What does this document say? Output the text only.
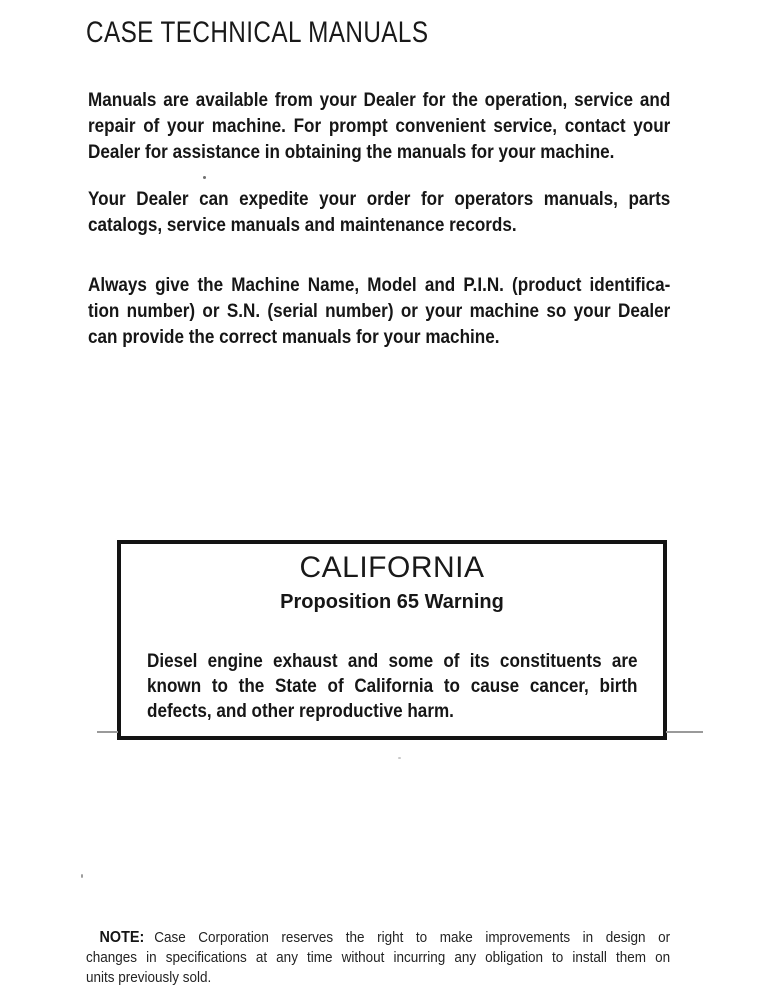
CASE TECHNICAL MANUALS
Manuals are available from your Dealer for the operation, service and
repair of your machine. For prompt convenient service, contact your
Dealer for assistance in obtaining the manuals for your machine.
Your Dealer can expedite your order for operators manuals, parts
catalogs, service manuals and maintenance records.
Always give the Machine Name, Model and P.I.N. (product identifica-
tion number) or S.N. (serial number) or your machine so your Dealer
can provide the correct manuals for your machine.
CALIFORNIA
Proposition 65 Warning
Diesel engine exhaust and some of its constituents are
known to the State of California to cause cancer, birth
defects, and other reproductive harm.
NOTE: Case Corporation reserves the right to make improvements in design or
changes in specifications at any time without incurring any obligation to install them on
units previously sold.
